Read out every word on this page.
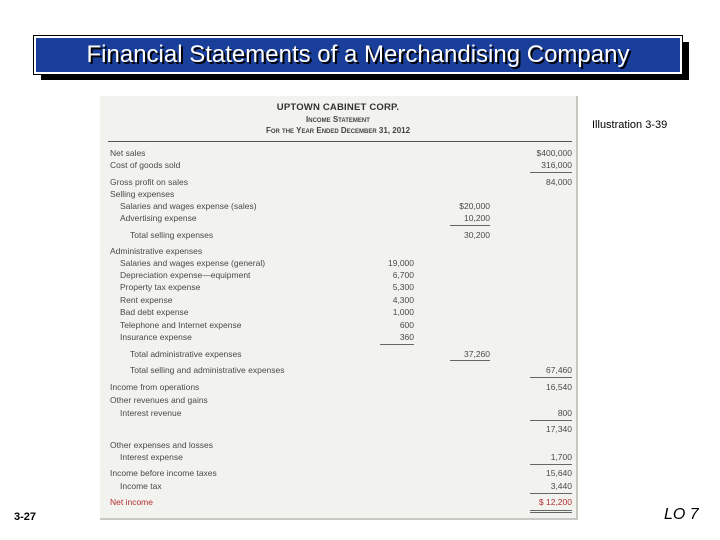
Financial Statements of a Merchandising Company
Illustration 3-39
3-27	LO 7
UPTOWN CABINET CORP.
Income Statement
For the Year Ended December 31, 2012
Net sales	$400,000
Cost of goods sold	316,000
Gross profit on sales	84,000
Selling expenses
Salaries and wages expense (sales)	$20,000
Advertising expense	10,200
Total selling expenses	30,200
Administrative expenses
Salaries and wages expense (general)	19,000
Depreciation expense—equipment	6,700
Property tax expense	5,300
Rent expense	4,300
Bad debt expense	1,000
Telephone and Internet expense	600
Insurance expense	360
Total administrative expenses	37,260
Total selling and administrative expenses	67,460
Income from operations	16,540
Other revenues and gains
Interest revenue	800
17,340
Other expenses and losses
Interest expense	1,700
Income before income taxes	15,640
Income tax	3,440
Net income	$ 12,200
